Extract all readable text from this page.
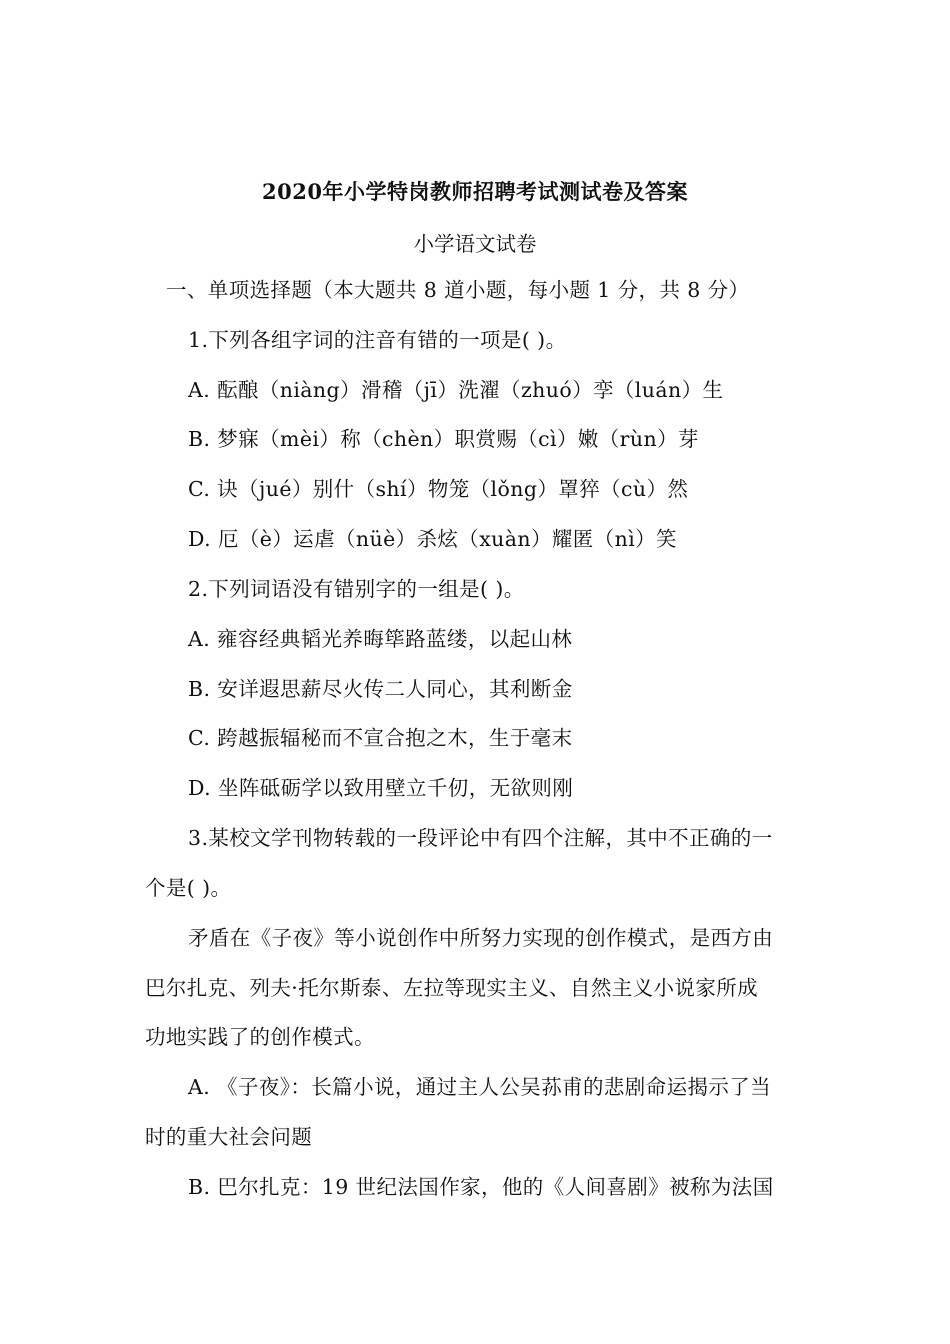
2020年小学特岗教师招聘考试测试卷及答案
小学语文试卷
一、单项选择题（本大题共 8 道小题，每小题 1 分，共 8 分）
1.下列各组字词的注音有错的一项是( )。
A. 酝酿（niàng）滑稽（jī）洗濯（zhuó）孪（luán）生
B. 梦寐（mèi）称（chèn）职赏赐（cì）嫩（rùn）芽
C. 诀（jué）别什（shí）物笼（lǒng）罩猝（cù）然
D. 厄（è）运虐（nüè）杀炫（xuàn）耀匿（nì）笑
2.下列词语没有错别字的一组是( )。
A. 雍容经典韬光养晦筚路蓝缕，以起山林
B. 安详遐思薪尽火传二人同心，其利断金
C. 跨越振辐秘而不宣合抱之木，生于毫末
D. 坐阵砥砺学以致用壁立千仞，无欲则刚
3.某校文学刊物转载的一段评论中有四个注解，其中不正确的一
个是( )。
矛盾在《子夜》等小说创作中所努力实现的创作模式，是西方由
巴尔扎克、列夫·托尔斯泰、左拉等现实主义、自然主义小说家所成
功地实践了的创作模式。
A. 《子夜》：长篇小说，通过主人公吴荪甫的悲剧命运揭示了当
时的重大社会问题
B. 巴尔扎克：19 世纪法国作家，他的《人间喜剧》被称为法国
